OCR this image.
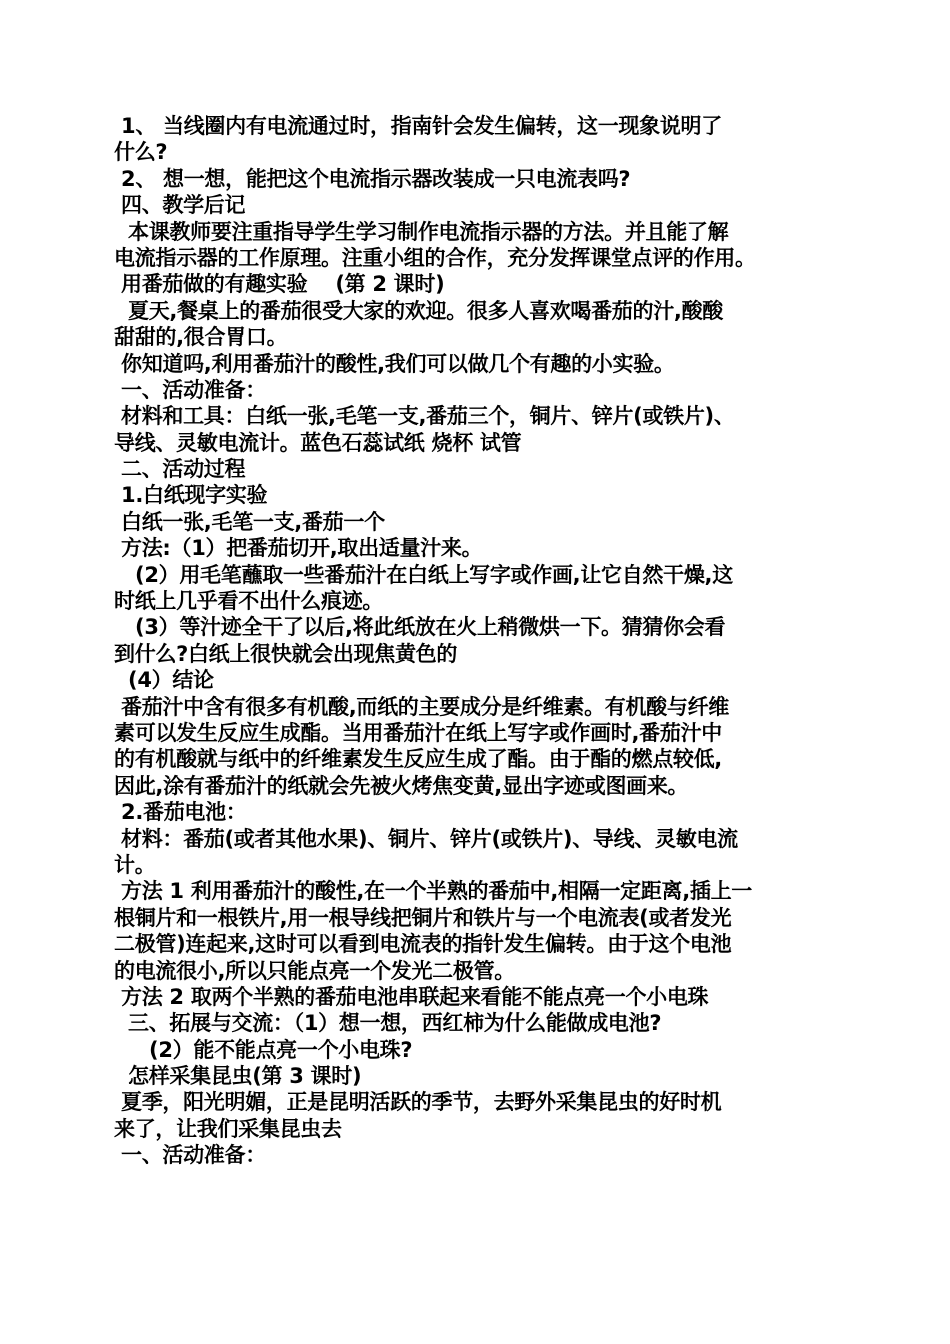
1、 当线圈内有电流通过时，指南针会发生偏转，这一现象说明了
什么?
2、 想一想，能把这个电流指示器改装成一只电流表吗?
四、教学后记
本课教师要注重指导学生学习制作电流指示器的方法。并且能了解
电流指示器的工作原理。注重小组的合作，充分发挥课堂点评的作用。
用番茄做的有趣实验    (第 2 课时)
夏天,餐桌上的番茄很受大家的欢迎。很多人喜欢喝番茄的汁,酸酸
甜甜的,很合胃口。
你知道吗,利用番茄汁的酸性,我们可以做几个有趣的小实验。
一、活动准备：
材料和工具：白纸一张,毛笔一支,番茄三个，铜片、锌片(或铁片)、
导线、灵敏电流计。蓝色石蕊试纸 烧杯 试管
二、活动过程
1.白纸现字实验
白纸一张,毛笔一支,番茄一个
方法:（1）把番茄切开,取出适量汁来。
(2）用毛笔蘸取一些番茄汁在白纸上写字或作画,让它自然干燥,这
时纸上几乎看不出什么痕迹。
(3）等汁迹全干了以后,将此纸放在火上稍微烘一下。猜猜你会看
到什么?白纸上很快就会出现焦黄色的
(4）结论
番茄汁中含有很多有机酸,而纸的主要成分是纤维素。有机酸与纤维
素可以发生反应生成酯。当用番茄汁在纸上写字或作画时,番茄汁中
的有机酸就与纸中的纤维素发生反应生成了酯。由于酯的燃点较低,
因此,涂有番茄汁的纸就会先被火烤焦变黄,显出字迹或图画来。
2.番茄电池：
材料：番茄(或者其他水果)、铜片、锌片(或铁片)、导线、灵敏电流
计。
方法 1 利用番茄汁的酸性,在一个半熟的番茄中,相隔一定距离,插上一
根铜片和一根铁片,用一根导线把铜片和铁片与一个电流表(或者发光
二极管)连起来,这时可以看到电流表的指针发生偏转。由于这个电池
的电流很小,所以只能点亮一个发光二极管。
方法 2 取两个半熟的番茄电池串联起来看能不能点亮一个小电珠
三、拓展与交流：（1）想一想，西红柿为什么能做成电池?
(2）能不能点亮一个小电珠?
怎样采集昆虫(第 3 课时)
夏季，阳光明媚，正是昆明活跃的季节，去野外采集昆虫的好时机
来了，让我们采集昆虫去
一、活动准备：
